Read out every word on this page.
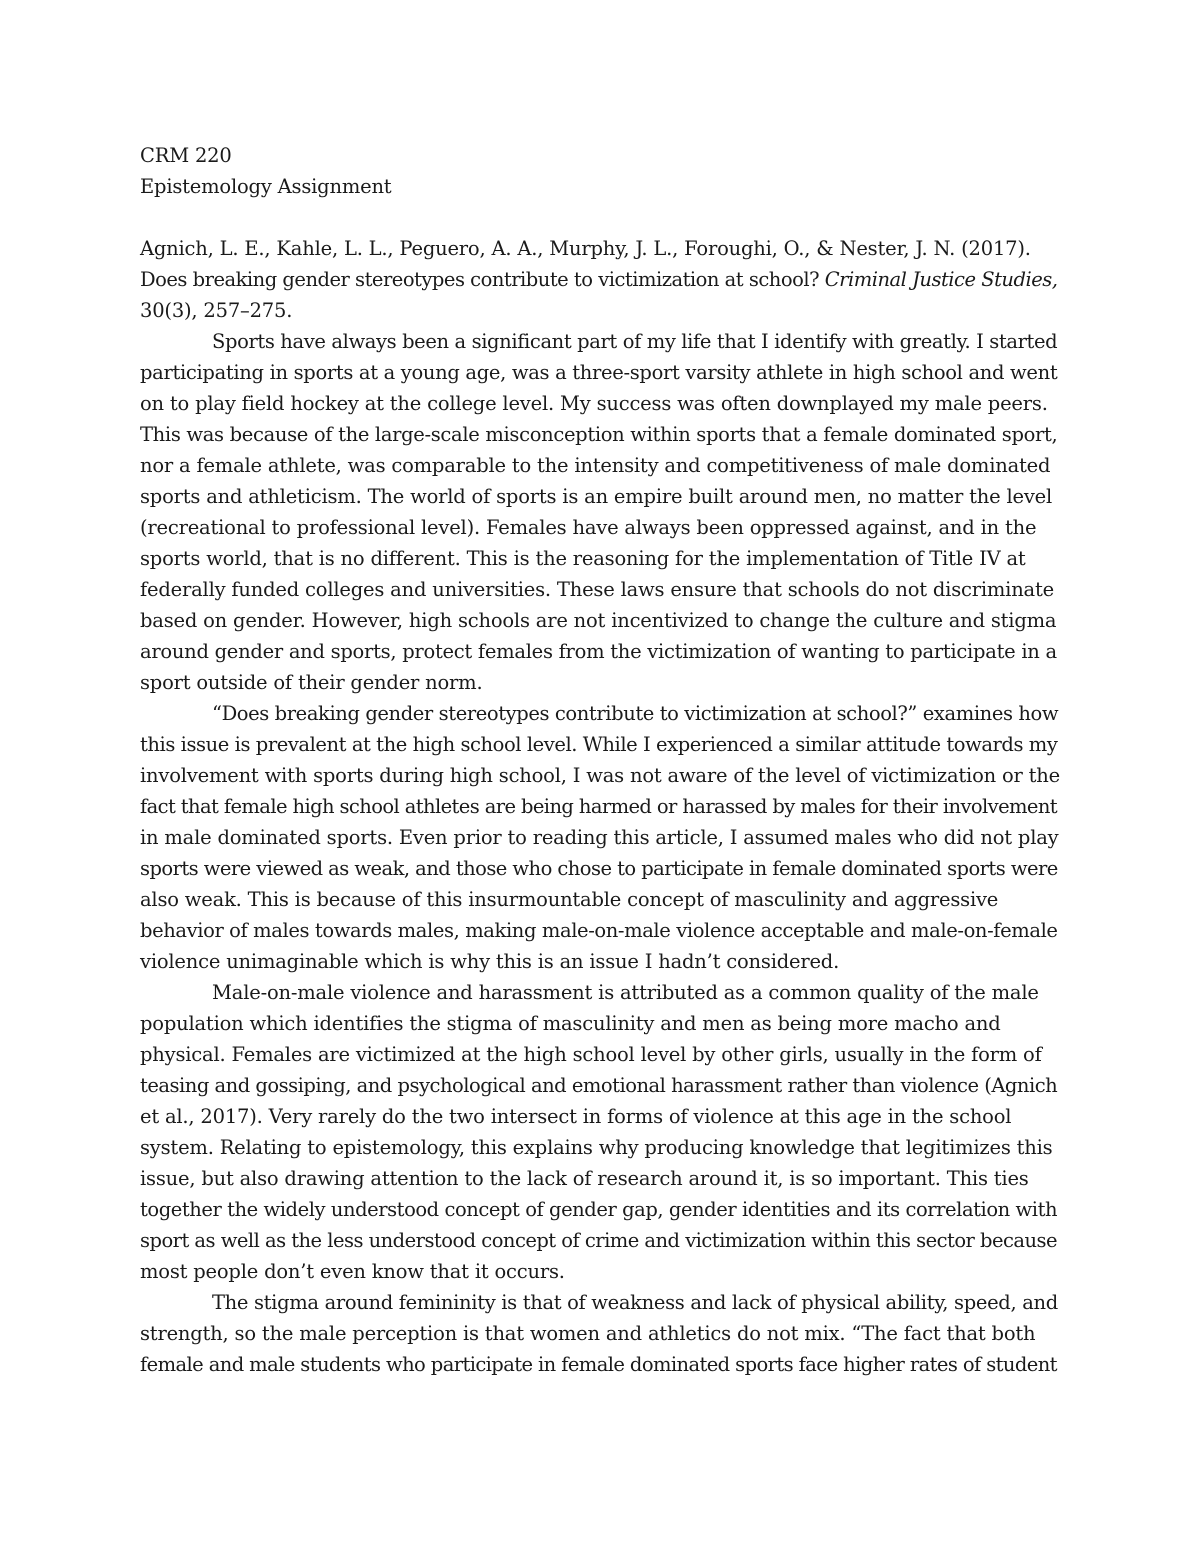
CRM 220
Epistemology Assignment
Agnich, L. E., Kahle, L. L., Peguero, A. A., Murphy, J. L., Foroughi, O., & Nester, J. N. (2017).
Does breaking gender stereotypes contribute to victimization at school? Criminal Justice Studies,
30(3), 257–275.
Sports have always been a significant part of my life that I identify with greatly. I started
participating in sports at a young age, was a three-sport varsity athlete in high school and went
on to play field hockey at the college level. My success was often downplayed my male peers.
This was because of the large-scale misconception within sports that a female dominated sport,
nor a female athlete, was comparable to the intensity and competitiveness of male dominated
sports and athleticism. The world of sports is an empire built around men, no matter the level
(recreational to professional level). Females have always been oppressed against, and in the
sports world, that is no different. This is the reasoning for the implementation of Title IV at
federally funded colleges and universities. These laws ensure that schools do not discriminate
based on gender. However, high schools are not incentivized to change the culture and stigma
around gender and sports, protect females from the victimization of wanting to participate in a
sport outside of their gender norm.
“Does breaking gender stereotypes contribute to victimization at school?” examines how
this issue is prevalent at the high school level. While I experienced a similar attitude towards my
involvement with sports during high school, I was not aware of the level of victimization or the
fact that female high school athletes are being harmed or harassed by males for their involvement
in male dominated sports. Even prior to reading this article, I assumed males who did not play
sports were viewed as weak, and those who chose to participate in female dominated sports were
also weak. This is because of this insurmountable concept of masculinity and aggressive
behavior of males towards males, making male-on-male violence acceptable and male-on-female
violence unimaginable which is why this is an issue I hadn’t considered.
Male-on-male violence and harassment is attributed as a common quality of the male
population which identifies the stigma of masculinity and men as being more macho and
physical. Females are victimized at the high school level by other girls, usually in the form of
teasing and gossiping, and psychological and emotional harassment rather than violence (Agnich
et al., 2017). Very rarely do the two intersect in forms of violence at this age in the school
system. Relating to epistemology, this explains why producing knowledge that legitimizes this
issue, but also drawing attention to the lack of research around it, is so important. This ties
together the widely understood concept of gender gap, gender identities and its correlation with
sport as well as the less understood concept of crime and victimization within this sector because
most people don’t even know that it occurs.
The stigma around femininity is that of weakness and lack of physical ability, speed, and
strength, so the male perception is that women and athletics do not mix. “The fact that both
female and male students who participate in female dominated sports face higher rates of student
